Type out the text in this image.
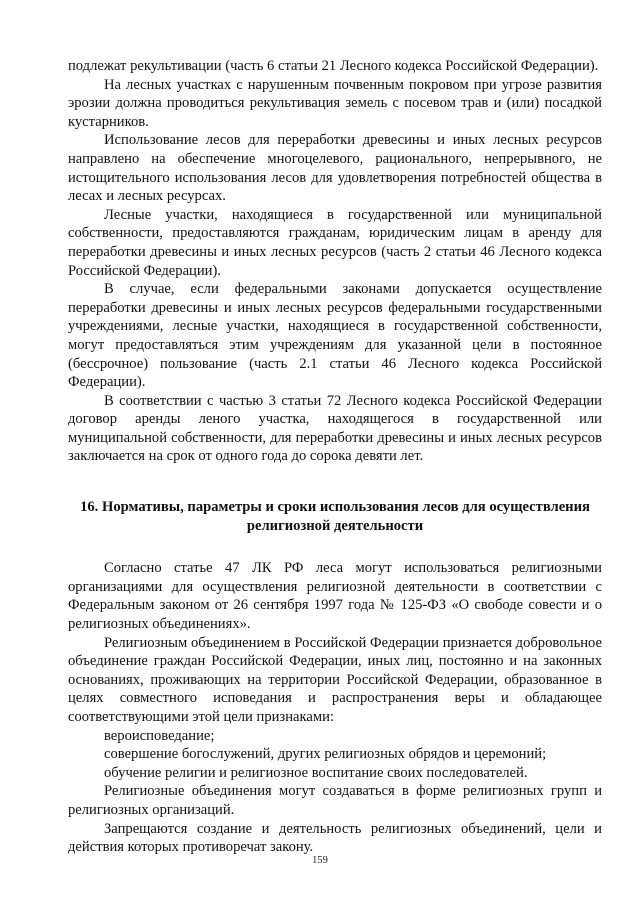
подлежат рекультивации (часть 6 статьи 21 Лесного кодекса Российской Федерации).

На лесных участках с нарушенным почвенным покровом при угрозе развития эрозии должна проводиться рекультивация земель с посевом трав и (или) посадкой кустарников.

Использование лесов для переработки древесины и иных лесных ресурсов направлено на обеспечение многоцелевого, рационального, непрерывного, не истощительного использования лесов для удовлетворения потребностей общества в лесах и лесных ресурсах.

Лесные участки, находящиеся в государственной или муниципальной собственности, предоставляются гражданам, юридическим лицам в аренду для переработки древесины и иных лесных ресурсов (часть 2 статьи 46 Лесного кодекса Российской Федерации).

В случае, если федеральными законами допускается осуществление переработки древесины и иных лесных ресурсов федеральными государственными учреждениями, лесные участки, находящиеся в государственной собственности, могут предоставляться этим учреждениям для указанной цели в постоянное (бессрочное) пользование (часть 2.1 статьи 46 Лесного кодекса Российской Федерации).

В соответствии с частью 3 статьи 72 Лесного кодекса Российской Федерации договор аренды леного участка, находящегося в государственной или муниципальной собственности, для переработки древесины и иных лесных ресурсов заключается на срок от одного года до сорока девяти лет.

16. Нормативы, параметры и сроки использования лесов для осуществления

религиозной деятельности

Согласно статье 47 ЛК РФ леса могут использоваться религиозными организациями для осуществления религиозной деятельности в соответствии с Федеральным законом от 26 сентября 1997 года № 125-ФЗ «О свободе совести и о религиозных объединениях».

Религиозным объединением в Российской Федерации признается добровольное объединение граждан Российской Федерации, иных лиц, постоянно и на законных основаниях, проживающих на территории Российской Федерации, образованное в целях совместного исповедания и распространения веры и обладающее соответствующими этой цели признаками:

вероисповедание;

совершение богослужений, других религиозных обрядов и церемоний;

обучение религии и религиозное воспитание своих последователей.

Религиозные объединения могут создаваться в форме религиозных групп и религиозных организаций.

Запрещаются создание и деятельность религиозных объединений, цели и действия которых противоречат закону.

159
